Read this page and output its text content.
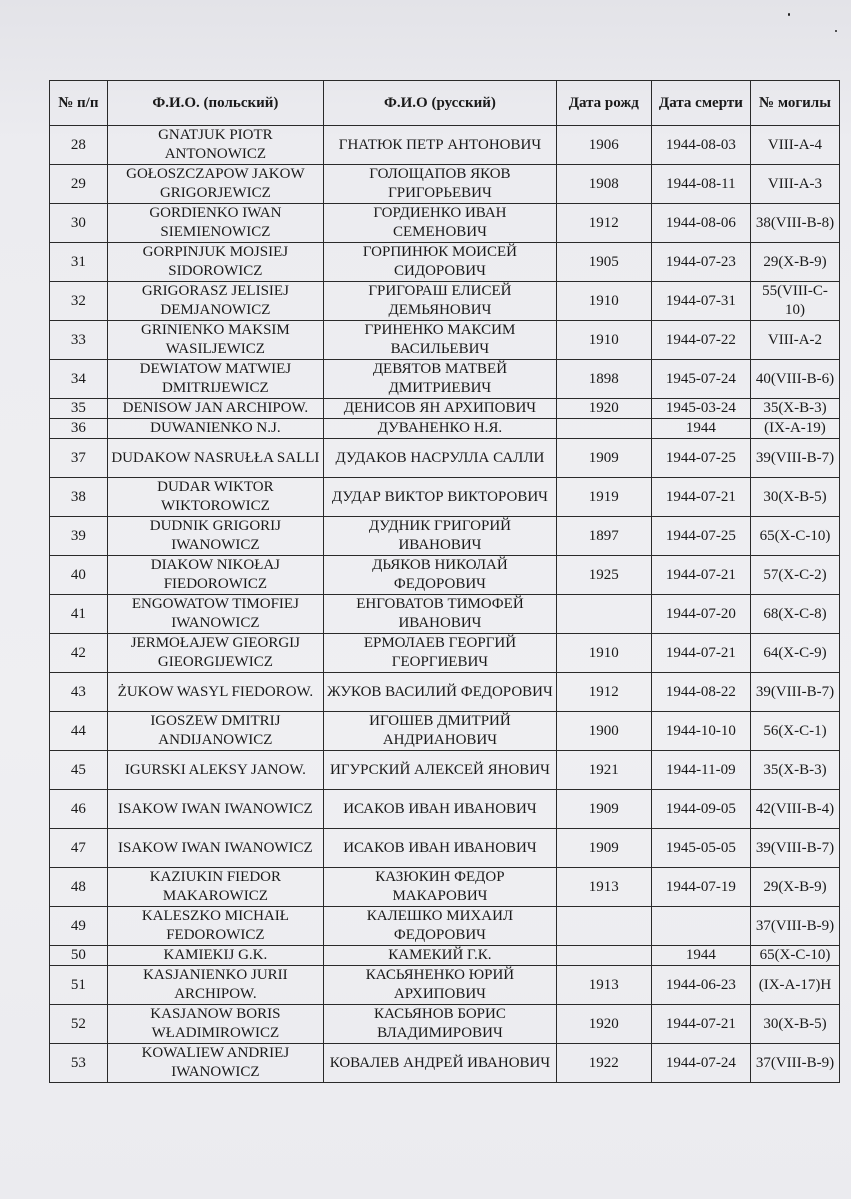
№ п/п	Ф.И.О. (польский)	Ф.И.О (русский)	Дата рожд	Дата смерти	№ могилы
28	GNATJUK PIOTR ANTONOWICZ	ГНАТЮК ПЕТР АНТОНОВИЧ	1906	1944-08-03	VIII-A-4
29	GOŁOSZCZAPOW JAKOW GRIGORJEWICZ	ГОЛОЩАПОВ ЯКОВ ГРИГОРЬЕВИЧ	1908	1944-08-11	VIII-A-3
30	GORDIENKO IWAN SIEMIENOWICZ	ГОРДИЕНКО ИВАН СЕМЕНОВИЧ	1912	1944-08-06	38(VIII-B-8)
31	GORPINJUK MOJSIEJ SIDOROWICZ	ГОРПИНЮК МОИСЕЙ СИДОРОВИЧ	1905	1944-07-23	29(X-B-9)
32	GRIGORASZ JELISIEJ DEMJANOWICZ	ГРИГОРАШ ЕЛИСЕЙ ДЕМЬЯНОВИЧ	1910	1944-07-31	55(VIII-C-10)
33	GRINIENKO MAKSIM WASILJEWICZ	ГРИНЕНКО МАКСИМ ВАСИЛЬЕВИЧ	1910	1944-07-22	VIII-A-2
34	DEWIATOW MATWIEJ DMITRIJEWICZ	ДЕВЯТОВ МАТВЕЙ ДМИТРИЕВИЧ	1898	1945-07-24	40(VIII-B-6)
35	DENISOW JAN ARCHIPOW.	ДЕНИСОВ ЯН АРХИПОВИЧ	1920	1945-03-24	35(X-B-3)
36	DUWANIENKO N.J.	ДУВАНЕНКО Н.Я.		1944	(IX-A-19)
37	DUDAKOW NASRUŁŁA SALLI	ДУДАКОВ НАСРУЛЛА САЛЛИ	1909	1944-07-25	39(VIII-B-7)
38	DUDAR WIKTOR WIKTOROWICZ	ДУДАР ВИКТОР ВИКТОРОВИЧ	1919	1944-07-21	30(X-B-5)
39	DUDNIK GRIGORIJ IWANOWICZ	ДУДНИК ГРИГОРИЙ ИВАНОВИЧ	1897	1944-07-25	65(X-C-10)
40	DIAKOW NIKOŁAJ FIEDOROWICZ	ДЬЯКОВ НИКОЛАЙ ФЕДОРОВИЧ	1925	1944-07-21	57(X-C-2)
41	ENGOWATOW TIMOFIEJ IWANOWICZ	ЕНГОВАТОВ ТИМОФЕЙ ИВАНОВИЧ		1944-07-20	68(X-C-8)
42	JERMOŁAJEW GIEORGIJ GIEORGIJEWICZ	ЕРМОЛАЕВ ГЕОРГИЙ ГЕОРГИЕВИЧ	1910	1944-07-21	64(X-C-9)
43	ŻUKOW WASYL FIEDOROW.	ЖУКОВ ВАСИЛИЙ ФЕДОРОВИЧ	1912	1944-08-22	39(VIII-B-7)
44	IGOSZEW DMITRIJ ANDIJANOWICZ	ИГОШЕВ ДМИТРИЙ АНДРИАНОВИЧ	1900	1944-10-10	56(X-C-1)
45	IGURSKI ALEKSY JANOW.	ИГУРСКИЙ АЛЕКСЕЙ ЯНОВИЧ	1921	1944-11-09	35(X-B-3)
46	ISAKOW IWAN IWANOWICZ	ИСАКОВ ИВАН ИВАНОВИЧ	1909	1944-09-05	42(VIII-B-4)
47	ISAKOW IWAN IWANOWICZ	ИСАКОВ ИВАН ИВАНОВИЧ	1909	1945-05-05	39(VIII-B-7)
48	KAZIUKIN FIEDOR MAKAROWICZ	КАЗЮКИН ФЕДОР МАКАРОВИЧ	1913	1944-07-19	29(X-B-9)
49	KALESZKO MICHAIŁ FEDOROWICZ	КАЛЕШКО МИХАИЛ ФЕДОРОВИЧ			37(VIII-B-9)
50	KAMIEKIJ G.K.	КАМЕКИЙ Г.К.		1944	65(X-C-10)
51	KASJANIENKO JURII ARCHIPOW.	КАСЬЯНЕНКО ЮРИЙ АРХИПОВИЧ	1913	1944-06-23	(IX-A-17)H
52	KASJANOW BORIS WŁADIMIROWICZ	КАСЬЯНОВ БОРИС ВЛАДИМИРОВИЧ	1920	1944-07-21	30(X-B-5)
53	KOWALIEW ANDRIEJ IWANOWICZ	КОВАЛЕВ АНДРЕЙ ИВАНОВИЧ	1922	1944-07-24	37(VIII-B-9)
